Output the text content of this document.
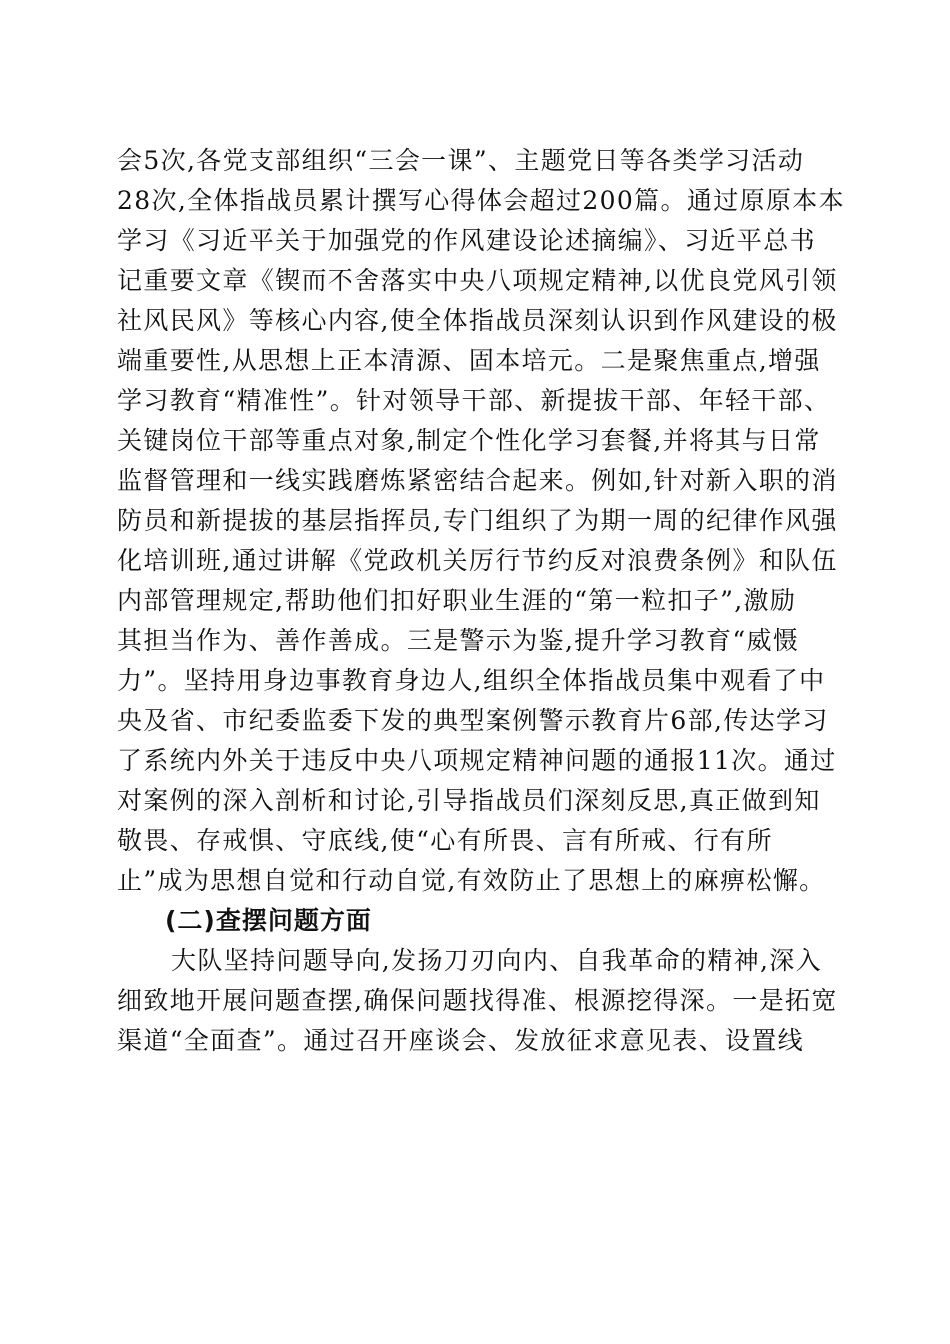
会5次,各党支部组织“三会一课”、主题党日等各类学习活动
28次,全体指战员累计撰写心得体会超过200篇。通过原原本本
学习《习近平关于加强党的作风建设论述摘编》、习近平总书
记重要文章《锲而不舍落实中央八项规定精神,以优良党风引领
社风民风》等核心内容,使全体指战员深刻认识到作风建设的极
端重要性,从思想上正本清源、固本培元。二是聚焦重点,增强
学习教育“精准性”。针对领导干部、新提拔干部、年轻干部、
关键岗位干部等重点对象,制定个性化学习套餐,并将其与日常
监督管理和一线实践磨炼紧密结合起来。例如,针对新入职的消
防员和新提拔的基层指挥员,专门组织了为期一周的纪律作风强
化培训班,通过讲解《党政机关厉行节约反对浪费条例》和队伍
内部管理规定,帮助他们扣好职业生涯的“第一粒扣子”,激励
其担当作为、善作善成。三是警示为鉴,提升学习教育“威慑
力”。坚持用身边事教育身边人,组织全体指战员集中观看了中
央及省、市纪委监委下发的典型案例警示教育片6部,传达学习
了系统内外关于违反中央八项规定精神问题的通报11次。通过
对案例的深入剖析和讨论,引导指战员们深刻反思,真正做到知
敬畏、存戒惧、守底线,使“心有所畏、言有所戒、行有所
止”成为思想自觉和行动自觉,有效防止了思想上的麻痹松懈。
(二)查摆问题方面
大队坚持问题导向,发扬刀刃向内、自我革命的精神,深入
细致地开展问题查摆,确保问题找得准、根源挖得深。一是拓宽
渠道“全面查”。通过召开座谈会、发放征求意见表、设置线
